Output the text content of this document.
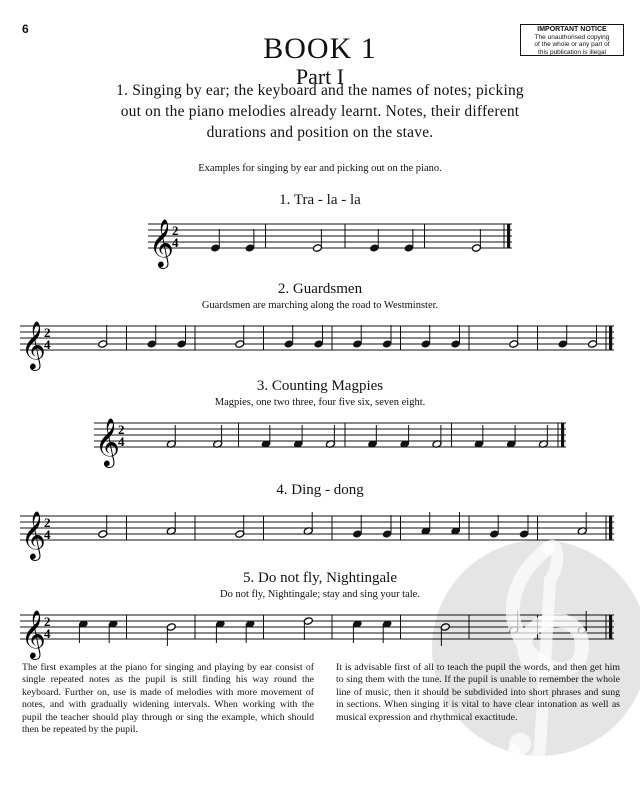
6	IMPORTANT NOTICE
The unauthorised copying
of the whole or any part of
this publication is illegal
BOOK 1
Part I
1. Singing by ear; the keyboard and the names of notes; picking
out on the piano melodies already learnt. Notes, their different
durations and position on the stave.
Examples for singing by ear and picking out on the piano.
1. Tra - la - la
𝄞
2
4
2. Guardsmen
Guardsmen are marching along the road to Westminster.
𝄞
2
4
3. Counting Magpies
Magpies, one two three, four five six, seven eight.
𝄞
2
4
4. Ding - dong
𝄞
2
4
5. Do not fly, Nightingale
Do not fly, Nightingale; stay and sing your tale.
𝄞
2
4
The first examples at the piano for singing and playing by ear consist of single repeated notes as the pupil is still finding his way round the keyboard. Further on, use is made of melodies with more movement of notes, and with gradually widening intervals. When working with the pupil the teacher should play through or sing the example, which should then be repeated by the pupil.
It is advisable first of all to teach the pupil the words, and then get him to sing them with the tune. If the pupil is unable to remember the whole line of music, then it should be subdivided into short phrases and sung in sections. When singing it is vital to have clear intonation as well as musical expression and rhythmical exactitude.
